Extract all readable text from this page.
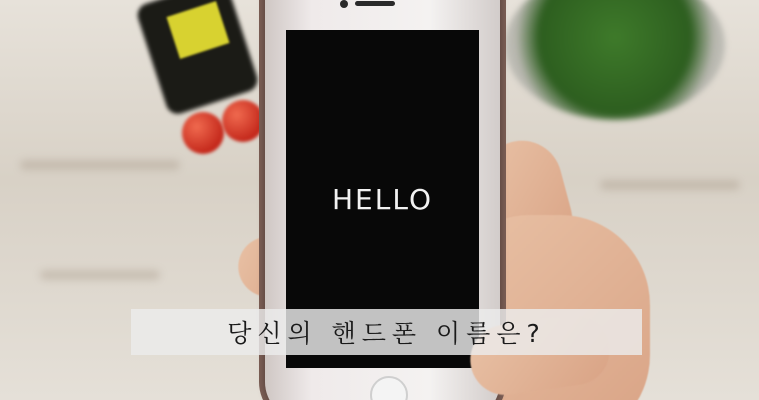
HELLO
당신의 핸드폰 이름은?
